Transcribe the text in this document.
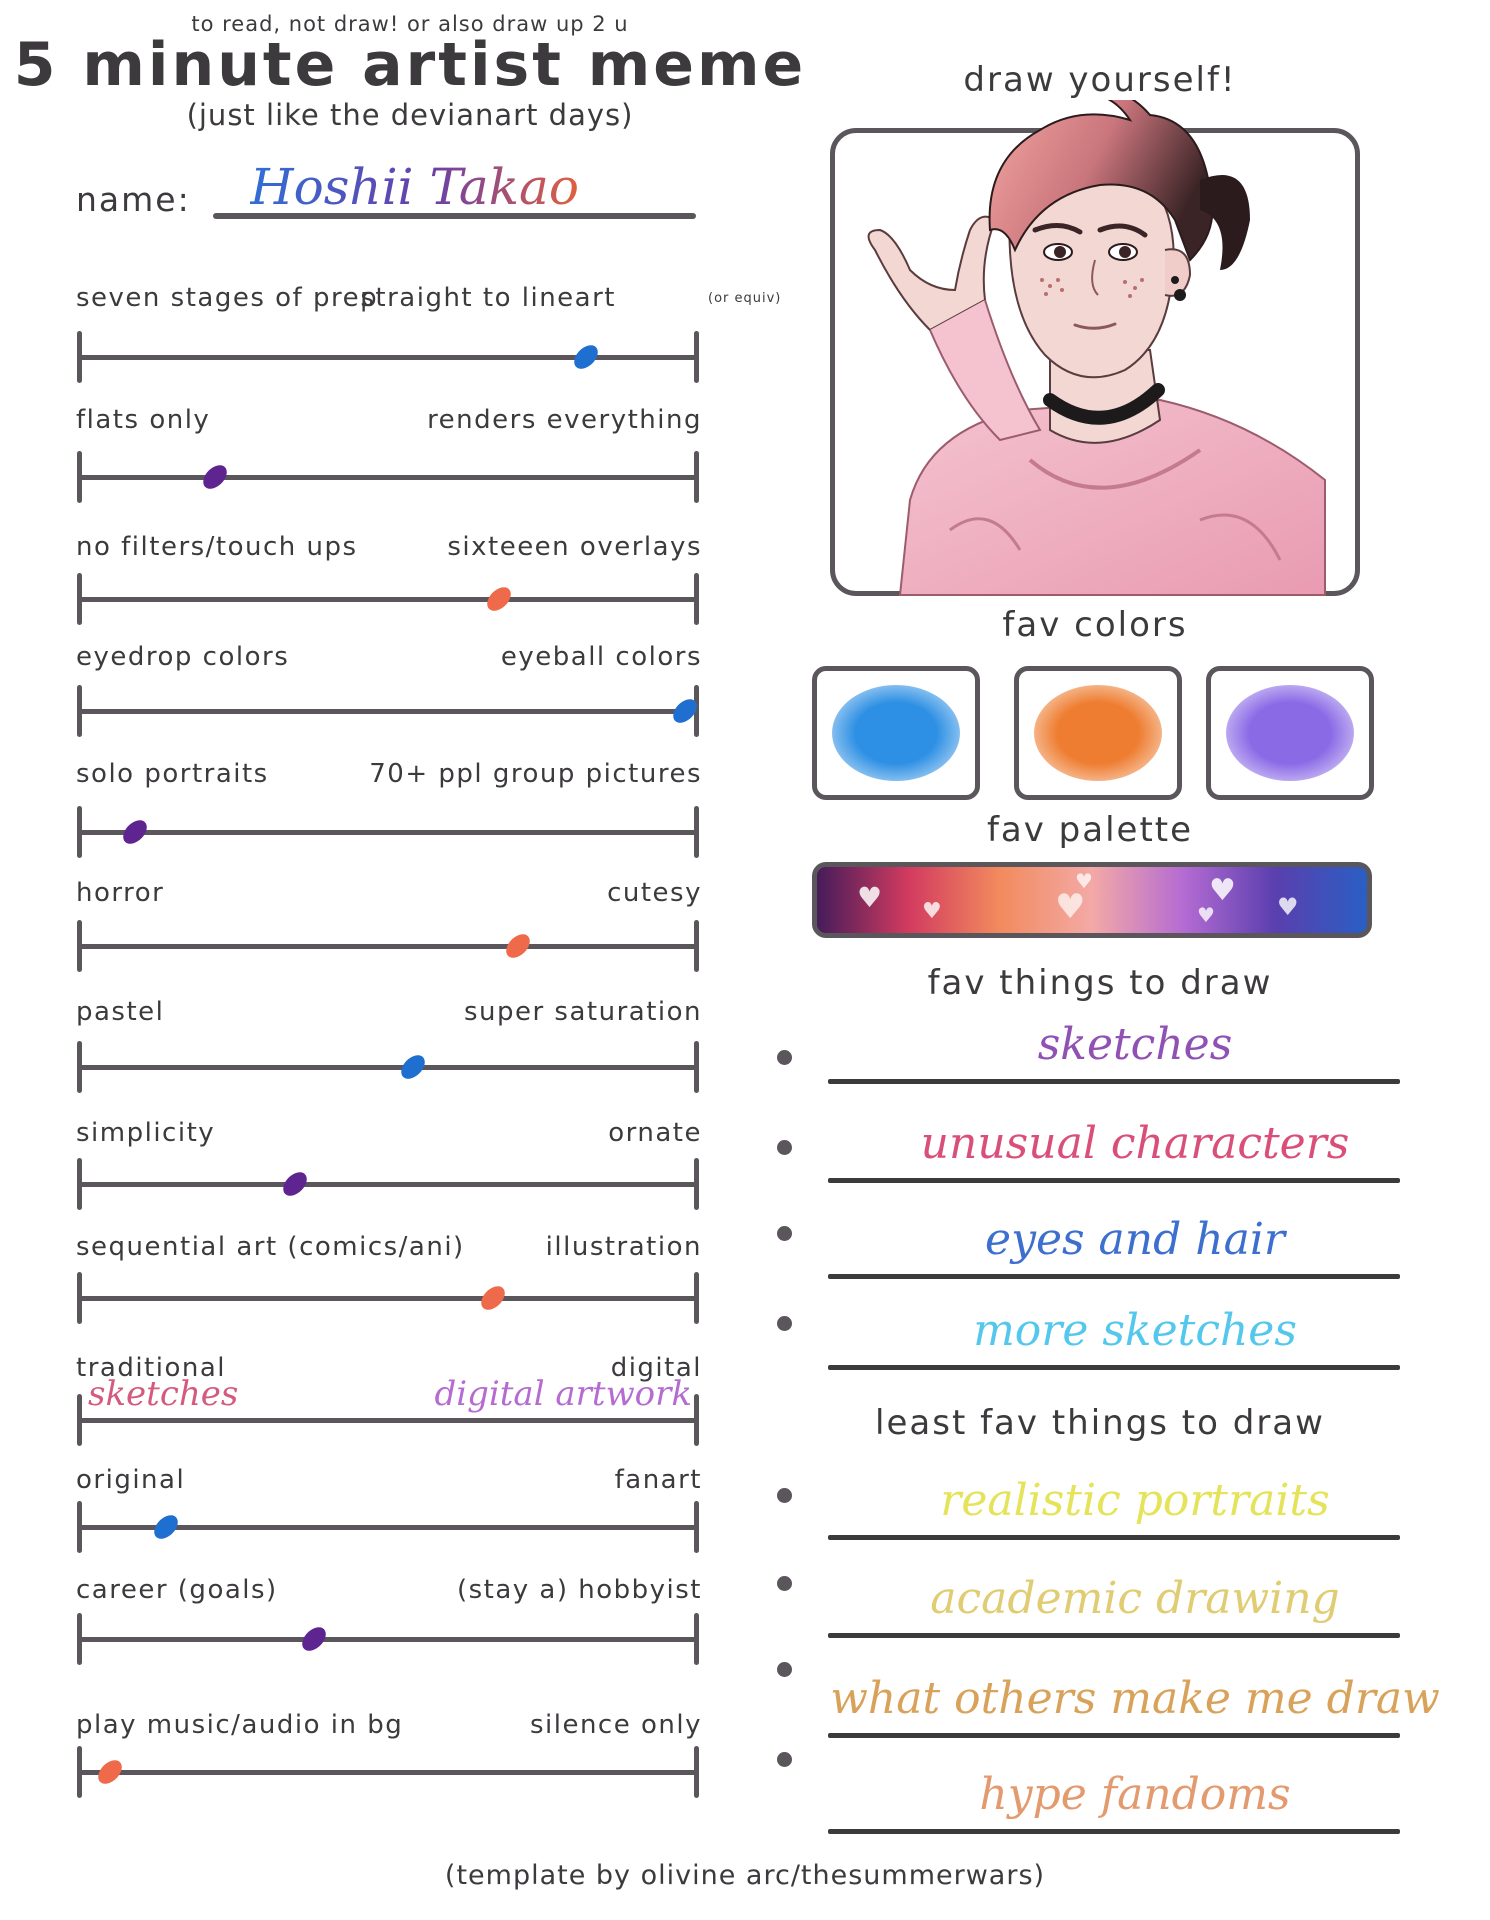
to read, not draw! or also draw up 2 u
5 minute artist meme
(just like the devianart days)
name: Hoshii Takao
seven stages of prep
straight to lineart	(or equiv)
flats only	renders everything
no filters/touch ups	sixteeen overlays
eyedrop colors	eyeball colors
solo portraits	70+ ppl group pictures
horror	cutesy
pastel	super saturation
simplicity	ornate
sequential art (comics/ani)	illustration
traditional	digital
sketches	digital artwork
original	fanart
career (goals)	(stay a) hobbyist
play music/audio in bg	silence only
draw yourself!
fav colors
fav palette
♥ ♥	♥
♥	♥
♥	♥
fav things to draw
sketches
unusual characters
eyes and hair
more sketches
least fav things to draw
realistic portraits
academic drawing
what others make me draw
hype fandoms
(template by olivine arc/thesummerwars)
